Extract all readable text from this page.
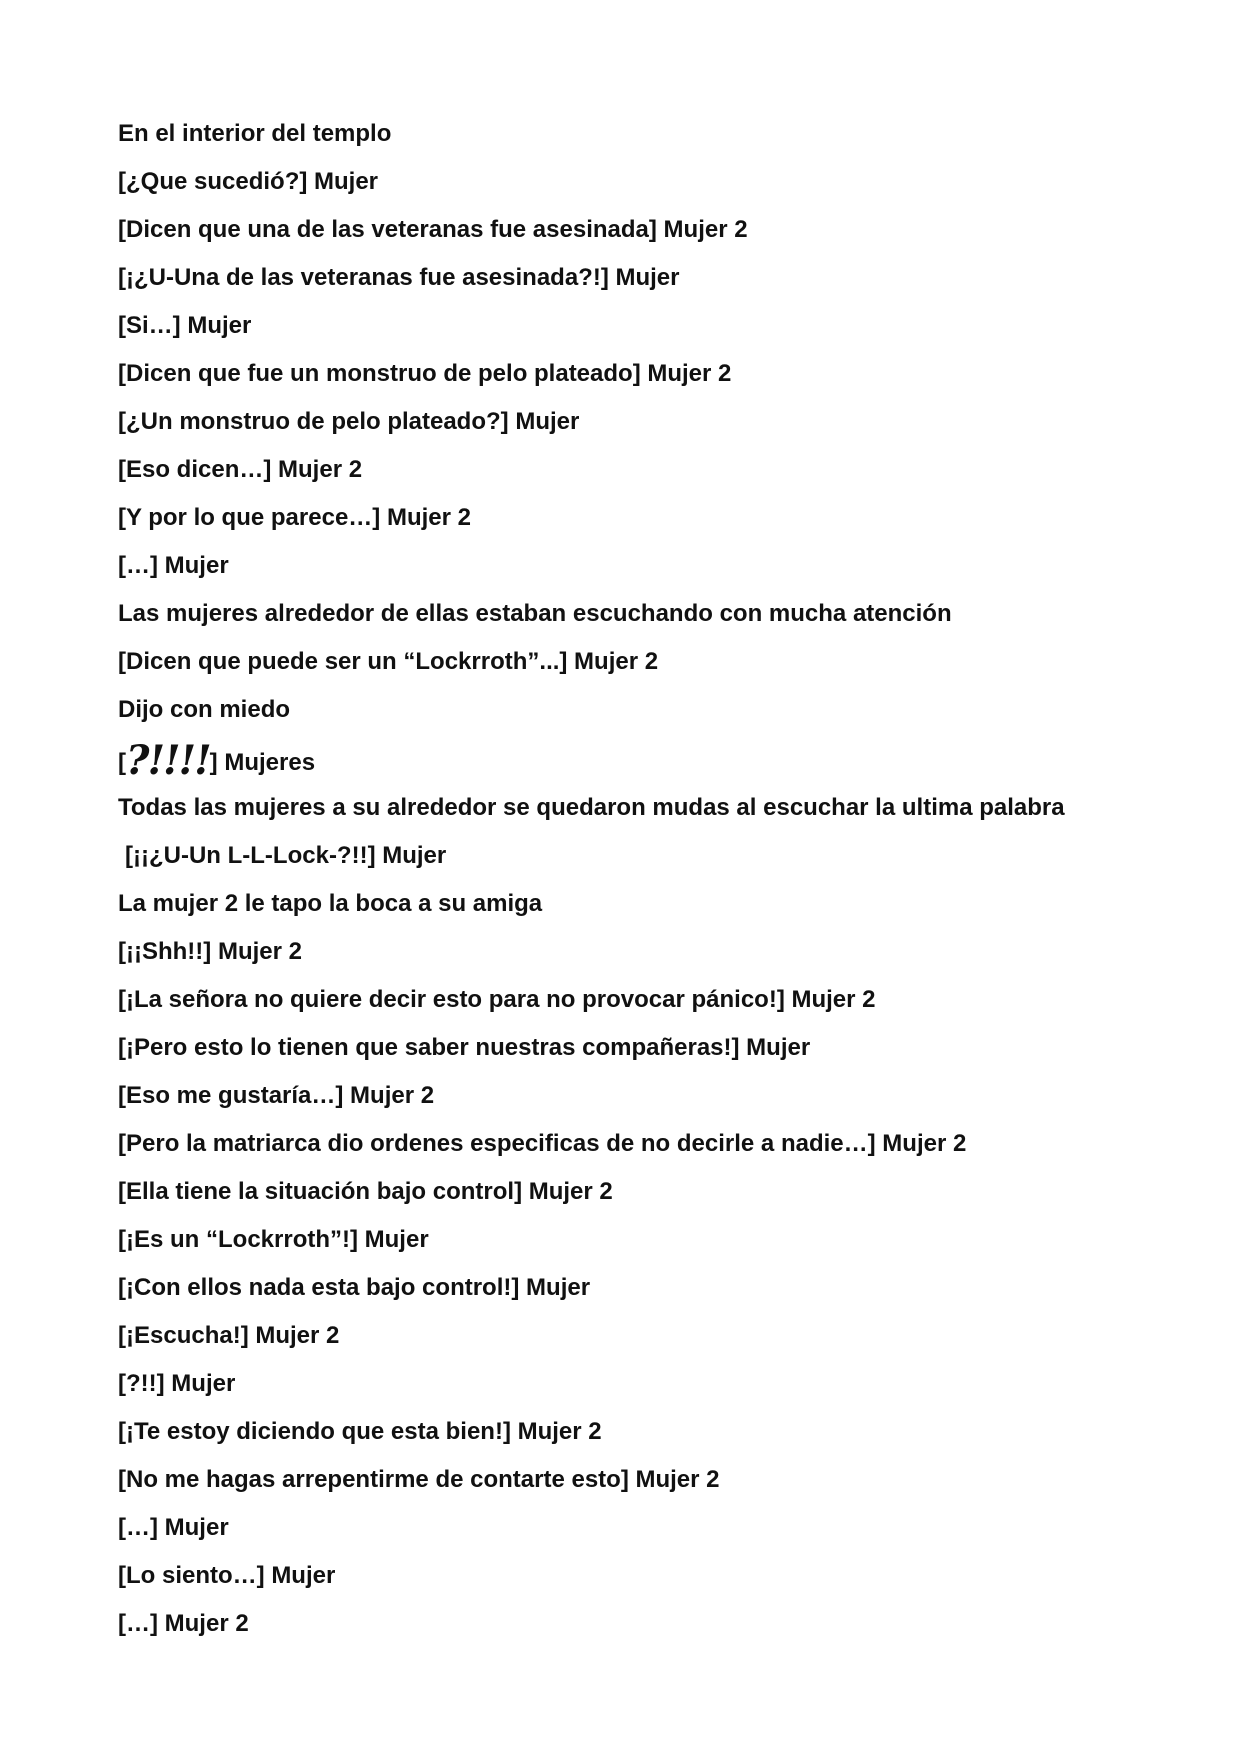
En el interior del templo
[¿Que sucedió?] Mujer
[Dicen que una de las veteranas fue asesinada] Mujer 2
[¡¿U-Una de las veteranas fue asesinada?!] Mujer
[Si…] Mujer
[Dicen que fue un monstruo de pelo plateado] Mujer 2
[¿Un monstruo de pelo plateado?] Mujer
[Eso dicen…] Mujer 2
[Y por lo que parece…] Mujer 2
[…] Mujer
Las mujeres alrededor de ellas estaban escuchando con mucha atención
[Dicen que puede ser un “Lockrroth”...] Mujer 2
Dijo con miedo
[?!!!!] Mujeres
Todas las mujeres a su alrededor se quedaron mudas al escuchar la ultima palabra
[¡¡¿U-Un L-L-Lock-?!!] Mujer
La mujer 2 le tapo la boca a su amiga
[¡¡Shh!!] Mujer 2
[¡La señora no quiere decir esto para no provocar pánico!] Mujer 2
[¡Pero esto lo tienen que saber nuestras compañeras!] Mujer
[Eso me gustaría…] Mujer 2
[Pero la matriarca dio ordenes especificas de no decirle a nadie…] Mujer 2
[Ella tiene la situación bajo control] Mujer 2
[¡Es un “Lockrroth”!] Mujer
[¡Con ellos nada esta bajo control!] Mujer
[¡Escucha!] Mujer 2
[?!!] Mujer
[¡Te estoy diciendo que esta bien!] Mujer 2
[No me hagas arrepentirme de contarte esto] Mujer 2
[…] Mujer
[Lo siento…] Mujer
[…] Mujer 2
